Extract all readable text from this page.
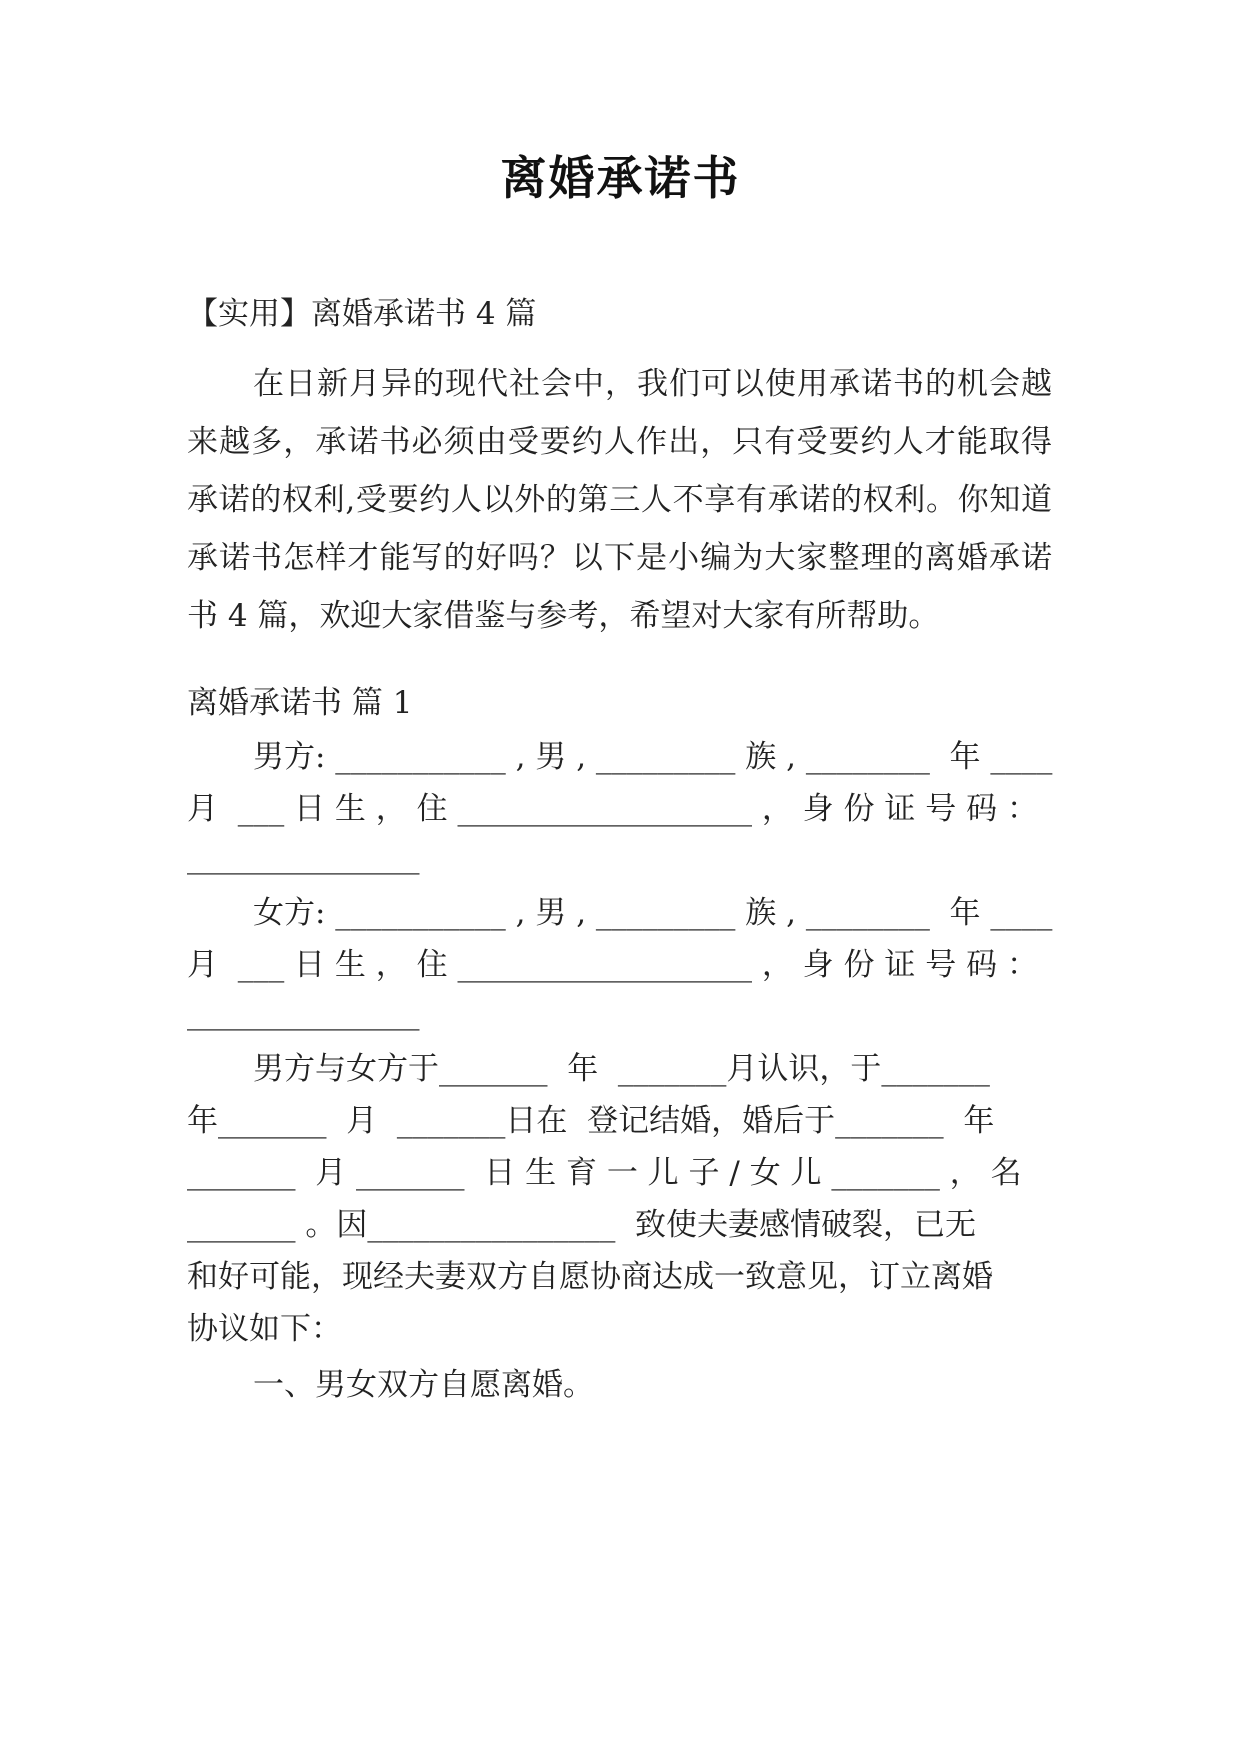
离婚承诺书
【实用】离婚承诺书 4 篇

在日新月异的现代社会中，我们可以使用承诺书的机会越来越多，承诺书必须由受要约人作出，只有受要约人才能取得承诺的权利,受要约人以外的第三人不享有承诺的权利。你知道承诺书怎样才能写的好吗？以下是小编为大家整理的离婚承诺书 4 篇，欢迎大家借鉴与参考，希望对大家有所帮助。

离婚承诺书 篇 1
男方: ___________ , 男 , _________ 族 , ________  年 ____
月  ___ 日 生 ， 住 ___________________ ， 身 份 证 号 码 ：
_______________
女方: ___________ , 男 , _________ 族 , ________  年 ____
月  ___ 日 生 ， 住 ___________________ ， 身 份 证 号 码 ：
_______________
男方与女方于_______  年  _______月认识，于_______
年_______  月  _______日在  登记结婚，婚后于_______  年
_______  月 _______  日 生 育 一 儿 子 / 女 儿 _______ ， 名
_______ 。因________________  致使夫妻感情破裂，已无
和好可能，现经夫妻双方自愿协商达成一致意见，订立离婚
协议如下：
一、男女双方自愿离婚。
